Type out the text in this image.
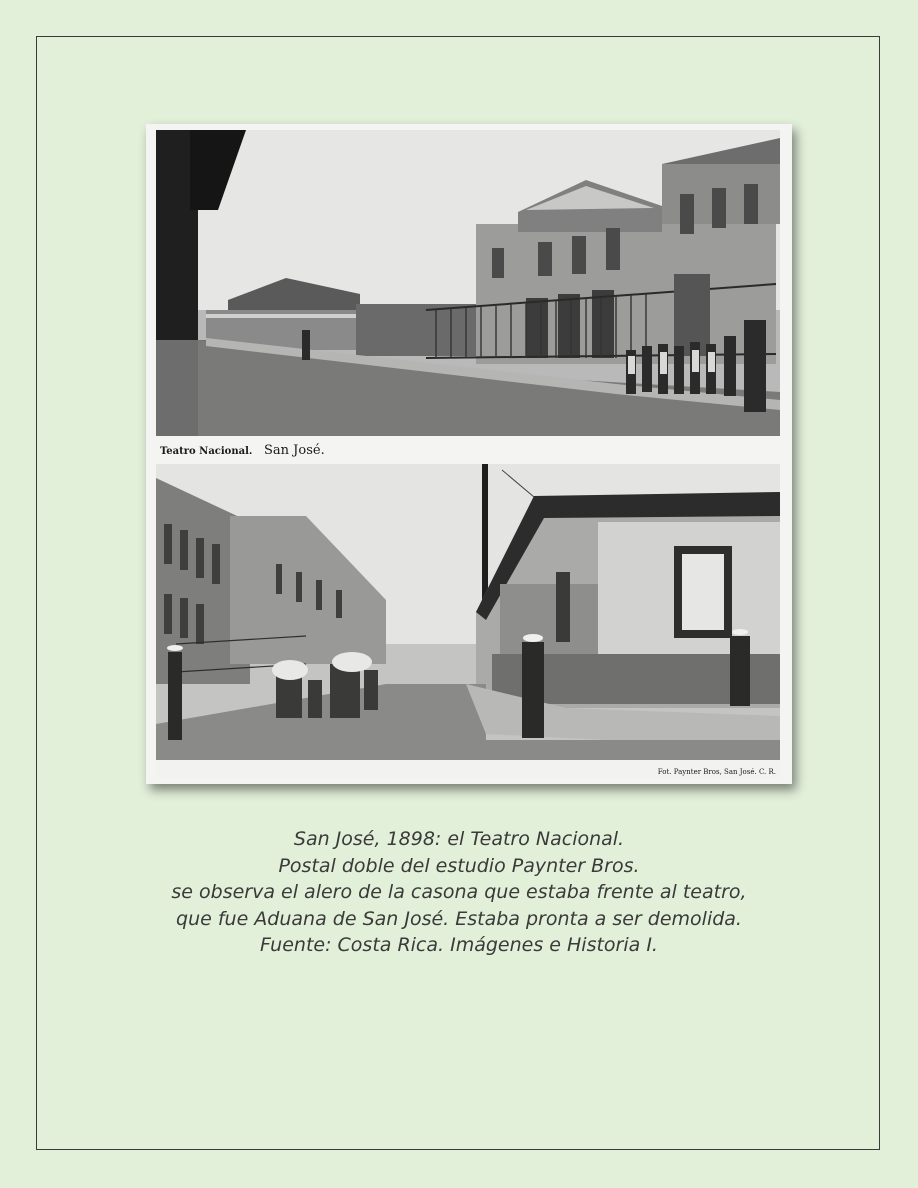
Teatro Nacional. San José.
Fot. Paynter Bros, San José. C. R.
San José, 1898: el Teatro Nacional.
Postal doble del estudio Paynter Bros.
se observa el alero de la casona que estaba frente al teatro,
que fue Aduana de San José. Estaba pronta a ser demolida.
Fuente: Costa Rica. Imágenes e Historia I.
